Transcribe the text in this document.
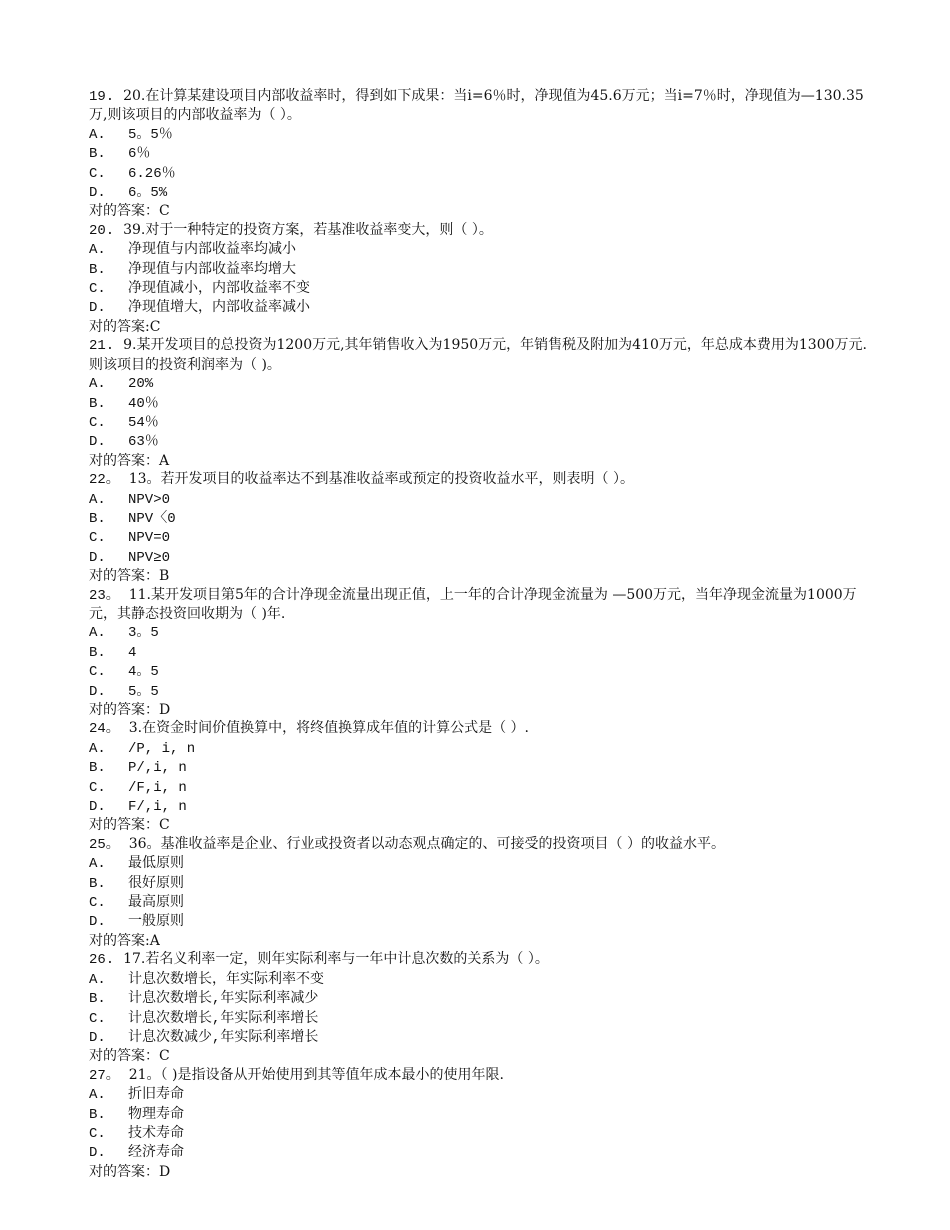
19.  20.在计算某建设项目内部收益率时，得到如下成果：当i=6％时，净现值为45.6万元；当i=7％时，净现值为—130.35万,则该项目的内部收益率为（ ）。
A. 5。5％
B. 6％
C. 6.26％
D. 6。5%
对的答案：C
20.  39.对于一种特定的投资方案，若基准收益率变大，则（ ）。
A. 净现值与内部收益率均减小
B. 净现值与内部收益率均增大
C. 净现值减小，内部收益率不变
D. 净现值增大，内部收益率减小
对的答案:C
21.  9.某开发项目的总投资为1200万元,其年销售收入为1950万元，年销售税及附加为410万元，年总成本费用为1300万元.则该项目的投资利润率为（ )。
A. 20%
B. 40％
C. 54％
D. 63％
对的答案：A
22。  13。若开发项目的收益率达不到基准收益率或预定的投资收益水平，则表明（ ）。
A. NPV>0
B. NPV〈0
C. NPV=0
D. NPV≥0
对的答案：B
23。  11.某开发项目第5年的合计净现金流量出现正值，上一年的合计净现金流量为 —500万元，当年净现金流量为1000万元，其静态投资回收期为（ )年.
A. 3。5
B. 4
C. 4。5
D. 5。5
对的答案：D
24。  3.在资金时间价值换算中，将终值换算成年值的计算公式是（ ）.
A. /P, i, n
B. P/,i, n
C. /F,i, n
D. F/,i, n
对的答案：C
25。  36。基准收益率是企业、行业或投资者以动态观点确定的、可接受的投资项目（ ）的收益水平。
A. 最低原则
B. 很好原则
C. 最高原则
D. 一般原则
对的答案:A
26.  17.若名义利率一定，则年实际利率与一年中计息次数的关系为（ ）。
A. 计息次数增长，年实际利率不变
B. 计息次数增长,年实际利率减少
C. 计息次数增长,年实际利率增长
D. 计息次数减少,年实际利率增长
对的答案：C
27。  21。（ )是指设备从开始使用到其等值年成本最小的使用年限.
A. 折旧寿命
B. 物理寿命
C. 技术寿命
D. 经济寿命
对的答案：D
